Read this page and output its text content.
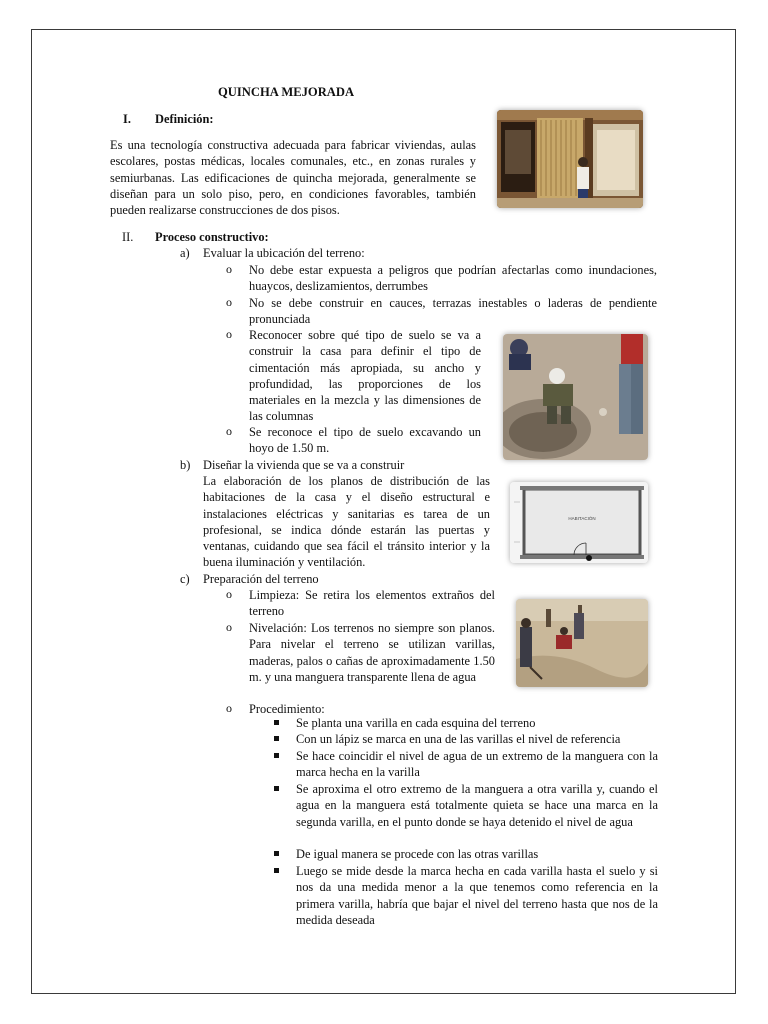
QUINCHA MEJORADA
I. Definición:
Es una tecnología constructiva adecuada para fabricar viviendas, aulas escolares, postas médicas, locales comunales, etc., en zonas rurales y semiurbanas. Las edificaciones de quincha mejorada, generalmente se diseñan para un solo piso, pero, en condiciones favorables, también pueden realizarse construcciones de dos pisos.
II. Proceso constructivo:
a) Evaluar la ubicación del terreno:
o No debe estar expuesta a peligros que podrían afectarlas como inundaciones, huaycos, deslizamientos, derrumbes
o No se debe construir en cauces, terrazas inestables o laderas de pendiente pronunciada
o Reconocer sobre qué tipo de suelo se va a construir la casa para definir el tipo de cimentación más apropiada, su ancho y profundidad, las proporciones de los materiales en la mezcla y las dimensiones de las columnas
o Se reconoce el tipo de suelo excavando un hoyo de 1.50 m.
b) Diseñar la vivienda que se va a construir
La elaboración de los planos de distribución de las habitaciones de la casa y el diseño estructural e instalaciones eléctricas y sanitarias es tarea de un profesional, se indica dónde estarán las puertas y ventanas, cuidando que sea fácil el tránsito interior y la buena iluminación y ventilación.
HABITACIÓN
c) Preparación del terreno
o Limpieza: Se retira los elementos extraños del terreno
o Nivelación: Los terrenos no siempre son planos. Para nivelar el terreno se utilizan varillas, maderas, palos o cañas de aproximadamente 1.50 m. y una manguera transparente llena de agua
o Procedimiento:
Se planta una varilla en cada esquina del terreno
Con un lápiz se marca en una de las varillas el nivel de referencia
Se hace coincidir el nivel de agua de un extremo de la manguera con la marca hecha en la varilla
Se aproxima el otro extremo de la manguera a otra varilla y, cuando el agua en la manguera está totalmente quieta se hace una marca en la segunda varilla, en el punto donde se haya detenido el nivel de agua
De igual manera se procede con las otras varillas
Luego se mide desde la marca hecha en cada varilla hasta el suelo y si nos da una medida menor a la que tenemos como referencia en la primera varilla, habría que bajar el nivel del terreno hasta que nos de la medida deseada
